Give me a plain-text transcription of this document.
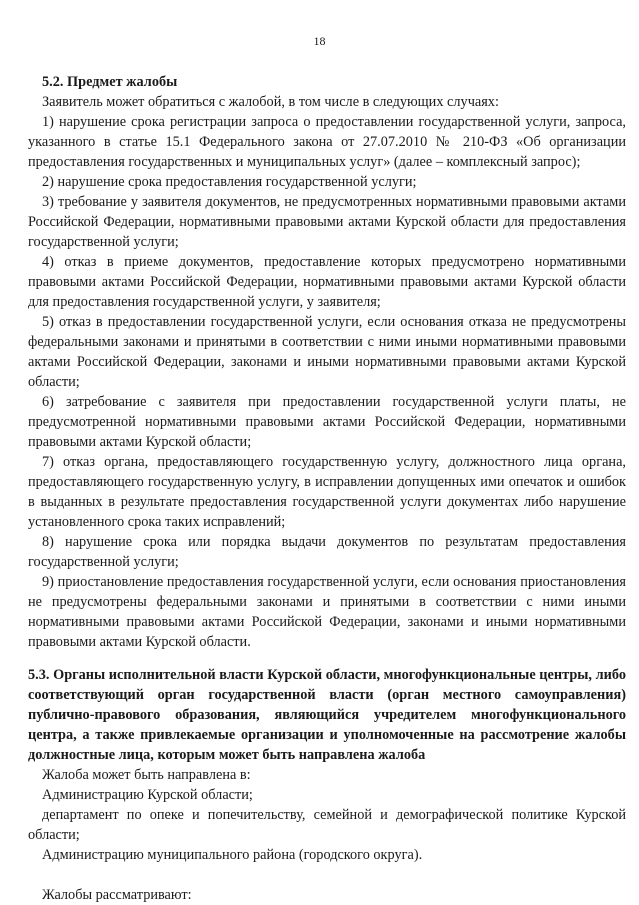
18

5.2. Предмет жалобы

Заявитель может обратиться с жалобой, в том числе в следующих случаях:

1) нарушение срока регистрации запроса о предоставлении государственной услуги, запроса, указанного в статье 15.1 Федерального закона от 27.07.2010 № 210-ФЗ «Об организации предоставления государственных и муниципальных услуг» (далее – комплексный запрос);

2) нарушение срока предоставления государственной услуги;

3) требование у заявителя документов, не предусмотренных нормативными правовыми актами Российской Федерации, нормативными правовыми актами Курской области для предоставления государственной услуги;

4) отказ в приеме документов, предоставление которых предусмотрено нормативными правовыми актами Российской Федерации, нормативными правовыми актами Курской области для предоставления государственной услуги, у заявителя;

5) отказ в предоставлении государственной услуги, если основания отказа не предусмотрены федеральными законами и принятыми в соответствии с ними иными нормативными правовыми актами Российской Федерации, законами и иными нормативными правовыми актами Курской области;

6) затребование с заявителя при предоставлении государственной услуги платы, не предусмотренной нормативными правовыми актами Российской Федерации, нормативными правовыми актами Курской области;

7) отказ органа, предоставляющего государственную услугу, должностного лица органа, предоставляющего государственную услугу, в исправлении допущенных ими опечаток и ошибок в выданных в результате предоставления государственной услуги документах либо нарушение установленного срока таких исправлений;

8) нарушение срока или порядка выдачи документов по результатам предоставления государственной услуги;

9) приостановление предоставления государственной услуги, если основания приостановления не предусмотрены федеральными законами и принятыми в соответствии с ними иными нормативными правовыми актами Российской Федерации, законами и иными нормативными правовыми актами Курской области.

5.3. Органы исполнительной власти Курской области, многофункциональные центры, либо соответствующий орган государственной власти (орган местного самоуправления) публично-правового образования, являющийся учредителем многофункционального центра, а также привлекаемые организации и уполномоченные на рассмотрение жалобы должностные лица, которым может быть направлена жалоба

Жалоба может быть направлена в:

Администрацию Курской области;

департамент по опеке и попечительству, семейной и демографической политике Курской области;

Администрацию муниципального района (городского округа).

Жалобы рассматривают:
